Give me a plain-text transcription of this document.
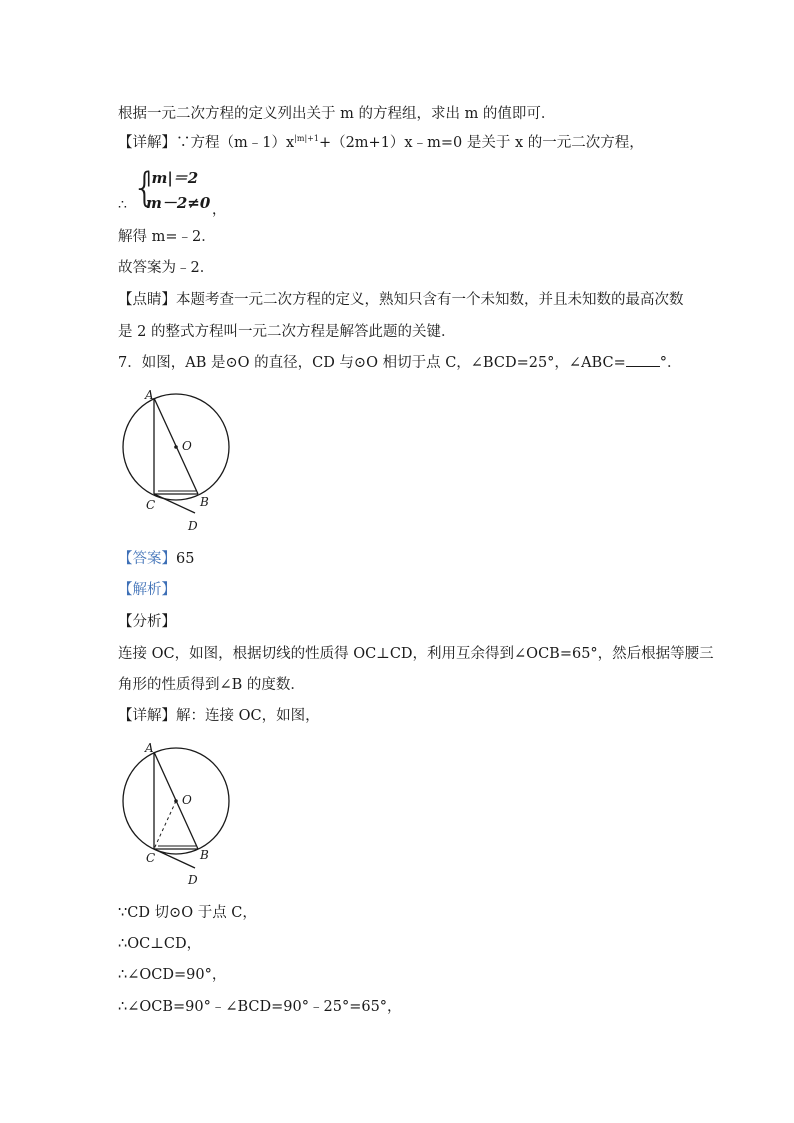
根据一元二次方程的定义列出关于 m 的方程组，求出 m 的值即可．
【详解】∵方程$(m﹣1)x^{|m|+1}+(2m+1)x﹣m=0$ 是关于 x 的一元二次方程，
∴ {
|m|＝2
m－2≠0 ，
解得 m=﹣2．
故答案为﹣2．
【点睛】本题考查一元二次方程的定义，熟知只含有一个未知数，并且未知数的最高次数
是 2 的整式方程叫一元二次方程是解答此题的关键．
7．如图，AB 是⊙O 的直径，CD 与⊙O 相切于点 C，∠BCD=25°，∠ABC= °．
A
O
C	B
D
【答案】65
【解析】
【分析】
连接 OC，如图，根据切线的性质得 OC⊥CD，利用互余得到∠OCB=65°，然后根据等腰三
角形的性质得到∠B 的度数．
【详解】解：连接 OC，如图，
A
O
C	B
D
∵CD 切⊙O 于点 C，
∴OC⊥CD，
∴∠OCD=90°，
∴∠OCB=90°﹣∠BCD=90°﹣25°=65°，
